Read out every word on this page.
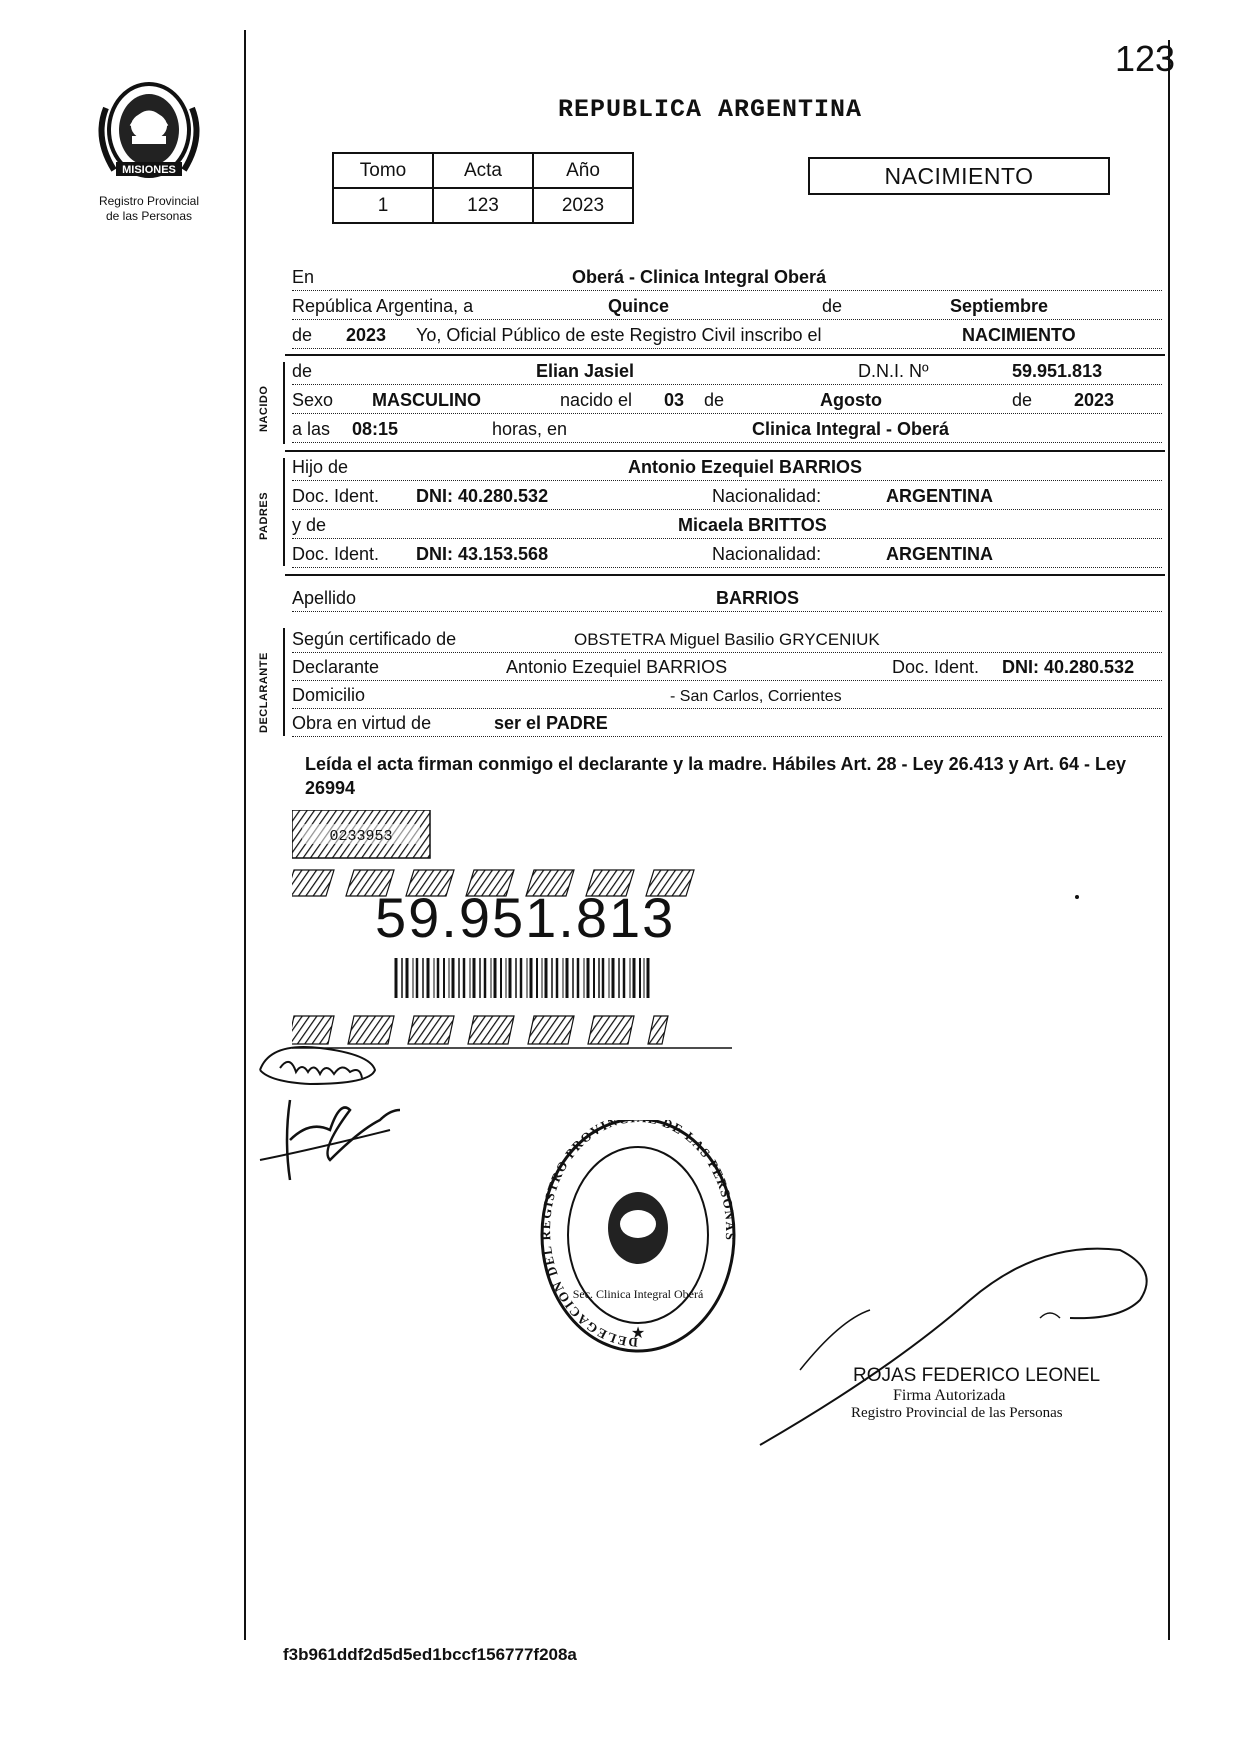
MISIONES
Registro Provincial
de las Personas
123
REPUBLICA ARGENTINA
Tomo	Acta	Año
1	123	2023
NACIMIENTO
En	Oberá - Clinica Integral Oberá
República Argentina, a	Quince	de	Septiembre
de 2023 Yo, Oficial Público de este Registro Civil inscribo el	NACIMIENTO
NACIDO
de	Elian Jasiel	D.N.I. Nº	59.951.813
Sexo MASCULINO	nacido el 03 de	Agosto	de 2023
a las 08:15	horas, en	Clinica Integral - Oberá
PADRES
Hijo de	Antonio Ezequiel BARRIOS
Doc. Ident. DNI: 40.280.532	Nacionalidad:	ARGENTINA
y de	Micaela BRITTOS
Doc. Ident. DNI: 43.153.568	Nacionalidad:	ARGENTINA
Apellido	BARRIOS
DECLARANTE
Según certificado de	OBSTETRA Miguel Basilio GRYCENIUK
Declarante	Antonio Ezequiel BARRIOS	Doc. Ident. DNI: 40.280.532
Domicilio	- San Carlos, Corrientes
Obra en virtud de	ser el PADRE
Leída el acta firman conmigo el declarante y la madre. Hábiles Art. 28 - Ley 26.413 y Art. 64 - Ley 26994
0233953
59.951.813
DELEGACION DEL REGISTRO PROVIN DE LAS PERSONAS
Sec. Clinica Integral Oberá
★
ROJAS FEDERICO LEONEL
Firma Autorizada
Registro Provincial de las Personas
f3b961ddf2d5d5ed1bccf156777f208a
